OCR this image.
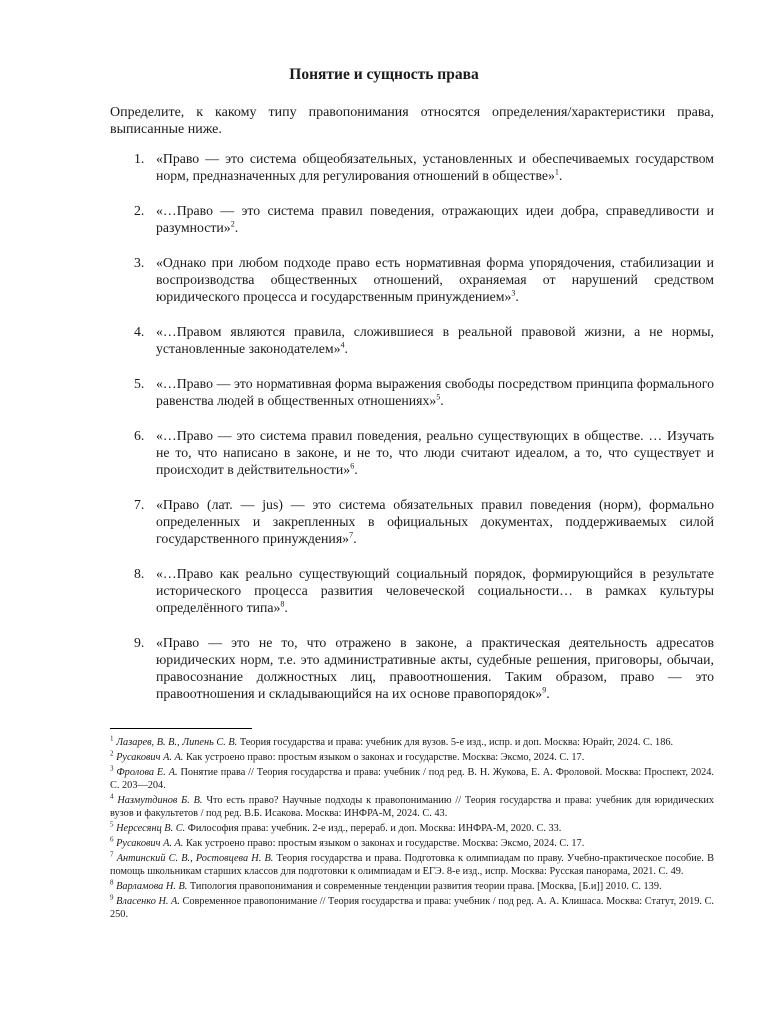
Понятие и сущность права
Определите, к какому типу правопонимания относятся определения/характеристики права, выписанные ниже.
1. «Право — это система общеобязательных, установленных и обеспечиваемых государством норм, предназначенных для регулирования отношений в обществе»$^1$.
2. «…Право — это система правил поведения, отражающих идеи добра, справедливости и разумности»$^2$.
3. «Однако при любом подходе право есть нормативная форма упорядочения, стабилизации и воспроизводства общественных отношений, охраняемая от нарушений средством юридического процесса и государственным принуждением»$^3$.
4. «…Правом являются правила, сложившиеся в реальной правовой жизни, а не нормы, установленные законодателем»$^4$.
5. «…Право — это нормативная форма выражения свободы посредством принципа формального равенства людей в общественных отношениях»$^5$.
6. «…Право — это система правил поведения, реально существующих в обществе. … Изучать не то, что написано в законе, и не то, что люди считают идеалом, а то, что существует и происходит в действительности»$^6$.
7. «Право (лат. — jus) — это система обязательных правил поведения (норм), формально определенных и закрепленных в официальных документах, поддерживаемых силой государственного принуждения»$^7$.
8. «…Право как реально существующий социальный порядок, формирующийся в результате исторического процесса развития человеческой социальности… в рамках культуры определённого типа»$^8$.
9. «Право — это не то, что отражено в законе, а практическая деятельность адресатов юридических норм, т.е. это административные акты, судебные решения, приговоры, обычаи, правосознание должностных лиц, правоотношения. Таким образом, право — это правоотношения и складывающийся на их основе правопорядок»$^9$.
$^1$ Лазарев, В. В., Липень С. В. Теория государства и права: учебник для вузов. 5-е изд., испр. и доп. Москва: Юрайт, 2024. С. 186.
$^2$ Русакович А. А. Как устроено право: простым языком о законах и государстве. Москва: Эксмо, 2024. С. 17.
$^3$ Фролова Е. А. Понятие права // Теория государства и права: учебник / под ред. В. Н. Жукова, Е. А. Фроловой. Москва: Проспект, 2024. С. 203—204.
$^4$ Назмутдинов Б. В. Что есть право? Научные подходы к правопониманию // Теория государства и права: учебник для юридических вузов и факультетов / под ред. В.Б. Исакова. Москва: ИНФРА-М, 2024. С. 43.
$^5$ Нерсесянц В. С. Философия права: учебник. 2-е изд., перераб. и доп. Москва: ИНФРА-М, 2020. С. 33.
$^6$ Русакович А. А. Как устроено право: простым языком о законах и государстве. Москва: Эксмо, 2024. С. 17.
$^7$ Антинский С. В., Ростовцева Н. В. Теория государства и права. Подготовка к олимпиадам по праву. Учебно-практическое пособие. В помощь школьникам старших классов для подготовки к олимпиадам и ЕГЭ. 8-е изд., испр. Москва: Русская панорама, 2021. С. 49.
$^8$ Варламова Н. В. Типология правопонимания и современные тенденции развития теории права. [Москва, [Б.и]] 2010. С. 139.
$^9$ Власенко Н. А. Современное правопонимание // Теория государства и права: учебник / под ред. А. А. Клишаса. Москва: Статут, 2019. С. 250.
